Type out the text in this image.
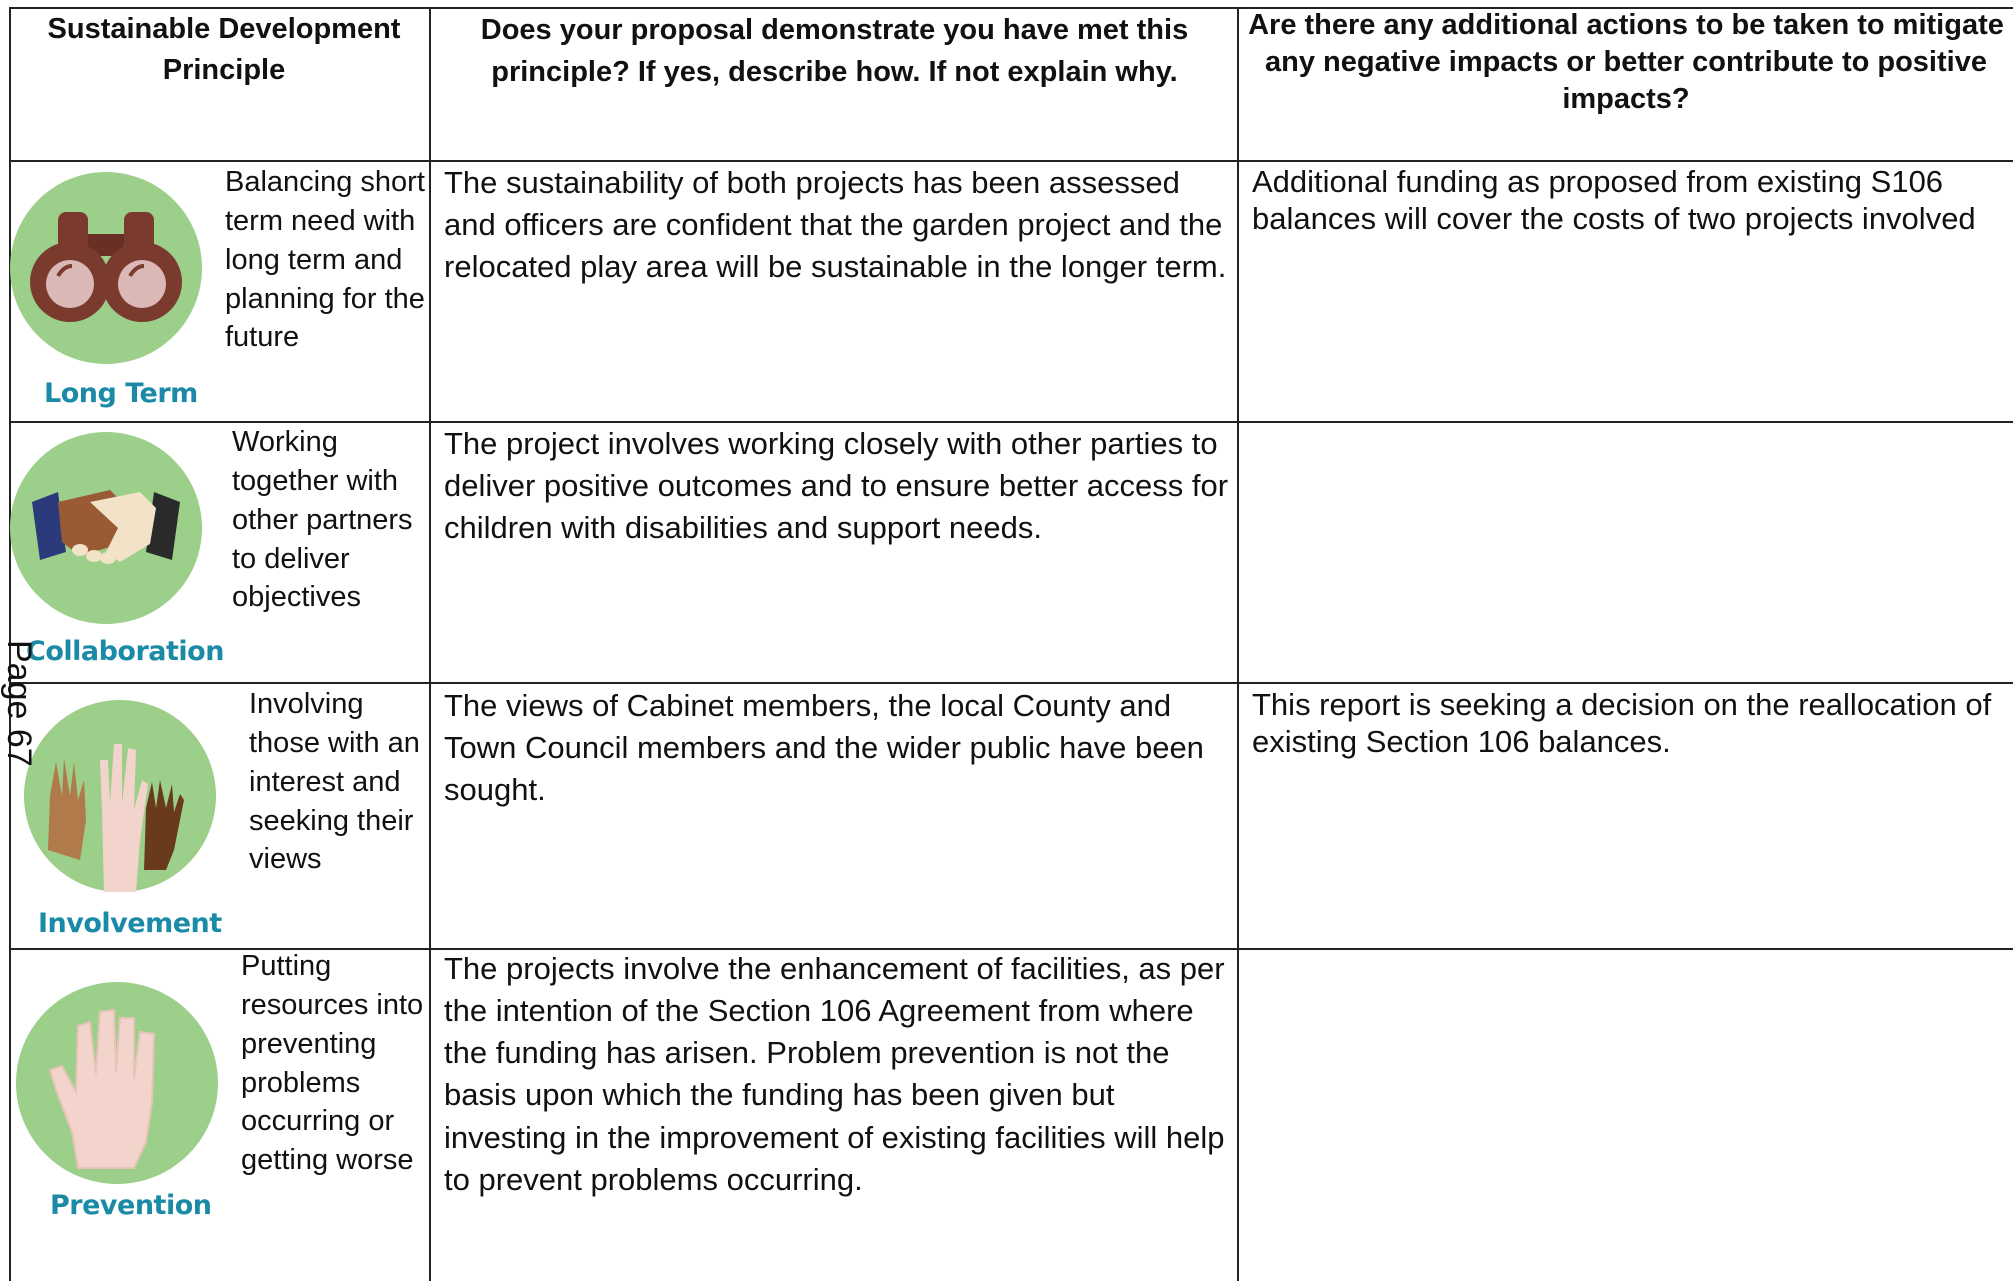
Sustainable Development Principle
Does your proposal demonstrate you have met this principle? If yes, describe how. If not explain why.
Are there any additional actions to be taken to mitigate any negative impacts or better contribute to positive impacts?
Long Term
Balancing short term need with long term and planning for the future
The sustainability of both projects has been assessed and officers are confident that the garden project and the relocated play area will be sustainable in the longer term.
Additional funding as proposed from existing S106 balances will cover the costs of two projects involved
Collaboration
Working together with other partners to deliver objectives
The project involves working closely with other parties to deliver positive outcomes and to ensure better access for children with disabilities and support needs.
Involvement
Involving those with an interest and seeking their views
The views of Cabinet members, the local County and Town Council members and the wider public have been sought.
This report is seeking a decision on the reallocation of existing Section 106 balances.
Prevention
Putting resources into preventing problems occurring or getting worse
The projects involve the enhancement of facilities, as per the intention of the Section 106 Agreement from where the funding has arisen. Problem prevention is not the basis upon which the funding has been given but investing in the improvement of existing facilities will help to prevent problems occurring.
Page 67
